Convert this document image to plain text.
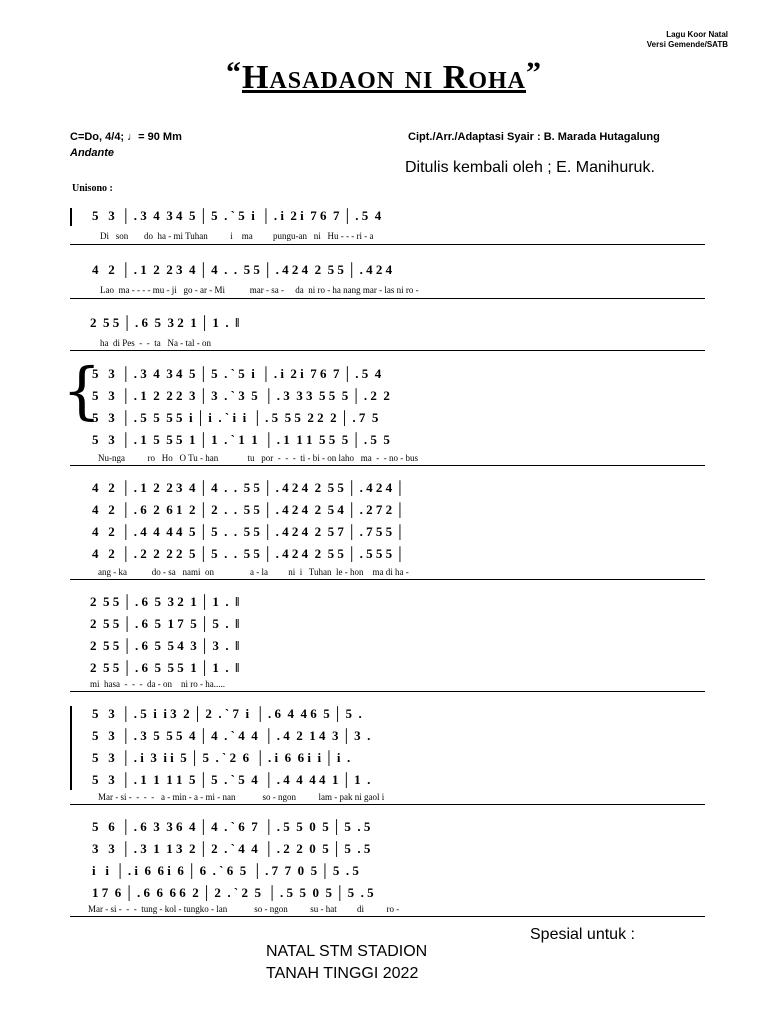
Lagu Koor Natal
Versi Gemende/SATB
“Hasadaon ni Roha”
C=Do, 4/4; ♩= 90 Mm
Andante
Cipt./Arr./Adaptasi Syair : B. Marada Hutagalung
Ditulis kembali oleh ; E. Manihuruk.
Unisono :
5   3  │ . 3  4  3 4  5 │ 5  . ` 5  i  │ . i  2 i  7 6  7 │ . 5  4
Di   son       do  ha - mi Tuhan          i    ma         pungu-an   ni   Hu - - - ri - a
4   2  │ . 1  2  2 3  4 │ 4  .  .  5 5 │ . 4 2 4  2  5 5 │ . 4 2 4
Lao  ma - - - - mu - ji   go - ar - Mi           mar - sa -     da  ni ro - ha nang mar - las ni ro -
2  5 5 │ . 6  5  3 2  1 │ 1  .  ‖
ha  di Pes  -  -  ta   Na - tal - on
{
5   3  │ . 3  4  3 4  5 │ 5  . ` 5  i  │ . i  2 i  7 6  7 │ . 5  4
5   3  │ . 1  2  2 2  3 │ 3  . ` 3  5  │ . 3  3 3  5 5  5 │ . 2  2
5   3  │ . 5  5  5 5  i │ i  . ` i  i  │ . 5  5 5  2 2  2 │ . 7  5
5   3  │ . 1  5  5 5  1 │ 1  . ` 1  1  │ . 1  1 1  5 5  5 │ . 5  5
Nu-nga          ro   Ho   O Tu - han             tu   por  -  -  -  ti - bi - on laho   ma  -  - no - bus
4   2  │ . 1  2  2 3  4 │ 4  .  .  5 5 │ . 4 2 4  2  5 5 │ . 4 2 4 │
4   2  │ . 6  2  6 1  2 │ 2  .  .  5 5 │ . 4 2 4  2  5 4 │ . 2 7 2 │
4   2  │ . 4  4  4 4  5 │ 5  .  .  5 5 │ . 4 2 4  2  5 7 │ . 7 5 5 │
4   2  │ . 2  2  2 2  5 │ 5  .  .  5 5 │ . 4 2 4  2  5 5 │ . 5 5 5 │
ang - ka           do - sa   nami  on                a - la         ni  i   Tuhan  le - hon    ma di ha -
2  5 5 │ . 6  5  3 2  1 │ 1  .  ‖
2  5 5 │ . 6  5  1 7  5 │ 5  .  ‖
2  5 5 │ . 6  5  5 4  3 │ 3  .  ‖
2  5 5 │ . 6  5  5 5  1 │ 1  .  ‖
mi  hasa  -  -  -  da - on    ni ro - ha.....
5   3  │ . 5  i  i 3  2 │ 2  . ` 7  i  │ . 6  4  4 6  5 │ 5  .
5   3  │ . 3  5  5 5  4 │ 4  . ` 4  4  │ . 4  2  1 4  3 │ 3  .
5   3  │ . i  3  i i  5 │ 5  . ` 2  6  │ . i  6  6 i  i │ i  .
5   3  │ . 1  1  1 1  5 │ 5  . ` 5  4  │ . 4  4  4 4  1 │ 1  .
Mar - si -  -  -  -   a - min - a - mi - nan            so - ngon          lam - pak ni gaol i
5   6  │ . 6  3  3 6  4 │ 4  . ` 6  7  │ . 5  5  0  5 │ 5  . 5
3   3  │ . 3  1  1 3  2 │ 2  . ` 4  4  │ . 2  2  0  5 │ 5  . 5
i   i  │ . i  6  6 i  6 │ 6  . ` 6  5  │ . 7  7  0  5 │ 5  . 5
1 7  6 │ . 6  6  6 6  2 │ 2  . ` 2  5  │ . 5  5  0  5 │ 5  . 5
Mar - si -  -  -  tung - kol - tungko - lan            so - ngon          su - hat         di          ro -
Spesial untuk :
NATAL STM STADION
TANAH TINGGI 2022
